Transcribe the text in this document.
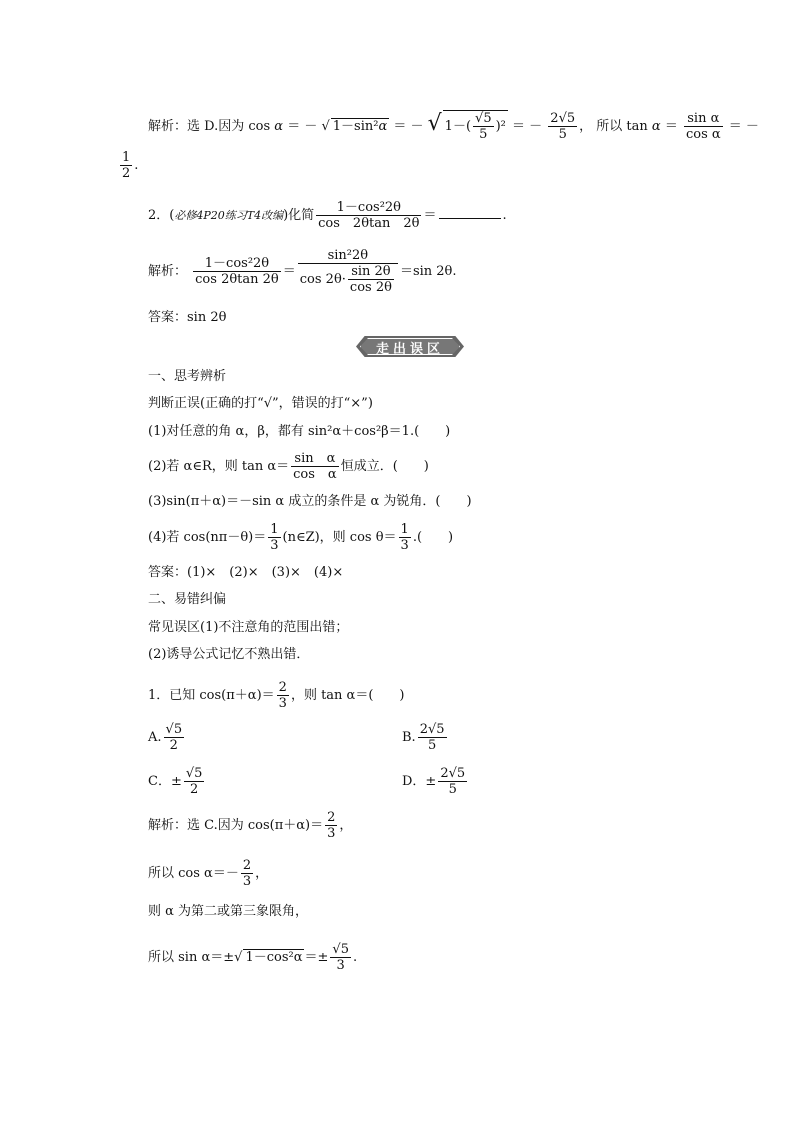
解析：选 D.因为 cos α ＝ － √ 1－sin²α ＝ － √ $1-( \frac{√5}{5} )^2$ ＝ － $\frac{2√5}{5}$ ， 所以 $\tan \alpha = \frac{\text{sin α}}{\text{cos α}}$ ＝ －
$\frac{1}{2}$ .
2．(必修4P20练习T4改编)化简 $\frac{\text{1－cos²2θ}}{\cos 2\theta\tan 2\theta}$ ＝	.
解析： $\frac{\text{1－cos²2θ}}{\cos 2\theta\tan 2\theta} = \frac{\text{sin²2θ}}{\cos 2\theta\cdot \frac{\sin 2\theta}{\cos 2\theta}} =\sin$ 2θ.
答案：sin 2θ
走出误区
一、思考辨析
判断正误(正确的打“√”，错误的打“×”)
(1)对任意的角 α，β，都有 sin²α＋cos²β＝1.(　　)
(2)若 α∈R，则 $\tan \alpha= \frac{\text{sin　α}}{\text{cos　α}}$ 恒成立．(　　)
(3)sin(π＋α)＝－sin α 成立的条件是 α 为锐角．(　　)
(4)若 $\cos(n\pi-\theta)= \frac{1}{3}$ (n∈Z)，则 $\cos \theta= \frac{1}{3}$ .(　　)
答案：(1)×　(2)×　(3)×　(4)×
二、易错纠偏
常见误区(1)不注意角的范围出错；
(2)诱导公式记忆不熟出错．
1．已知 $\cos(\pi+\alpha)= \frac{2}{3}$ ，则 tan α＝(　　)
A. $\frac{√5}{2}$	B. $\frac{2√5}{5}$
C．± $\frac{√5}{2}$	D．± $\frac{2√5}{5}$
解析：选 C.因为 $\cos(\pi+\alpha)= \frac{2}{3}$ ，
所以 $\cos \alpha=- \frac{2}{3}$ ，
则 α 为第二或第三象限角，
所以 sin α＝±√ $1-\cos^2\alpha =\pm \frac{√5}{3}$ .
